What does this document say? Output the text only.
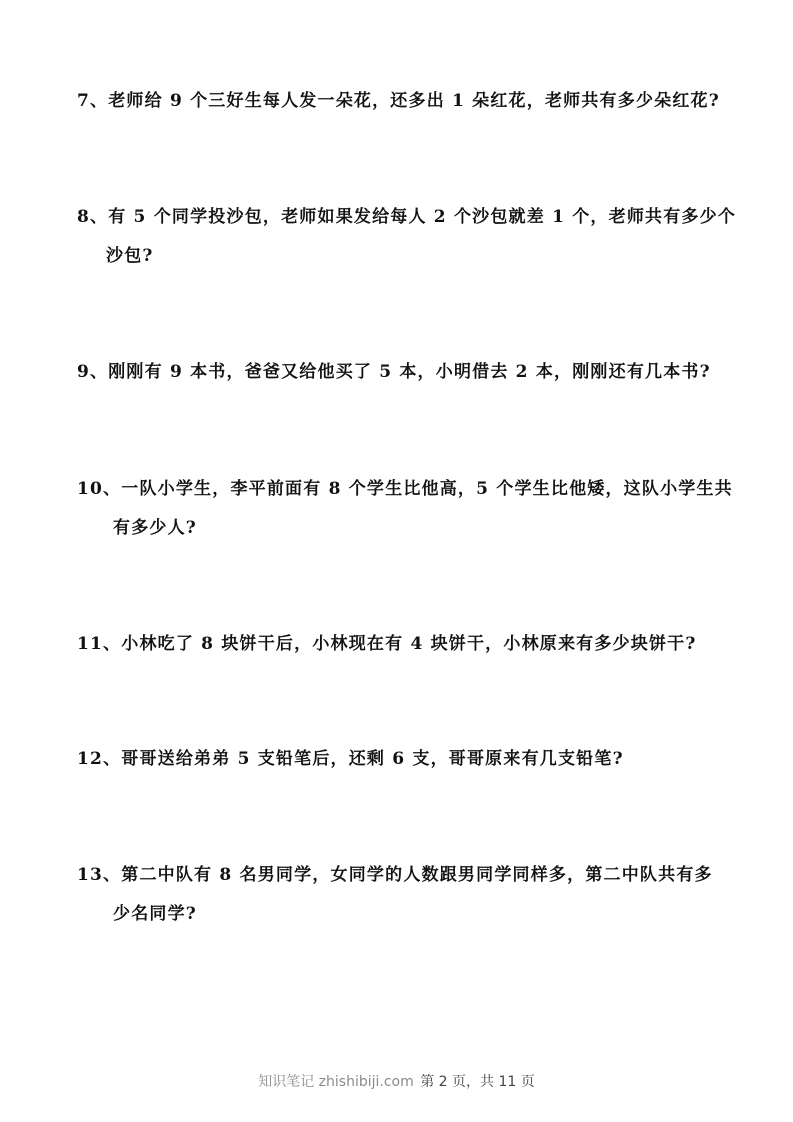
7、老师给 9 个三好生每人发一朵花，还多出 1 朵红花，老师共有多少朵红花?
8、有 5 个同学投沙包，老师如果发给每人 2 个沙包就差 1 个，老师共有多少个
沙包?
9、刚刚有 9 本书，爸爸又给他买了 5 本，小明借去 2 本，刚刚还有几本书?
10、一队小学生，李平前面有 8 个学生比他高，5 个学生比他矮，这队小学生共
有多少人?
11、小林吃了 8 块饼干后，小林现在有 4 块饼干，小林原来有多少块饼干?
12、哥哥送给弟弟 5 支铅笔后，还剩 6 支，哥哥原来有几支铅笔?
13、第二中队有 8 名男同学，女同学的人数跟男同学同样多，第二中队共有多
少名同学?
知识笔记 zhishibiji.com 第 2 页，共 11 页
